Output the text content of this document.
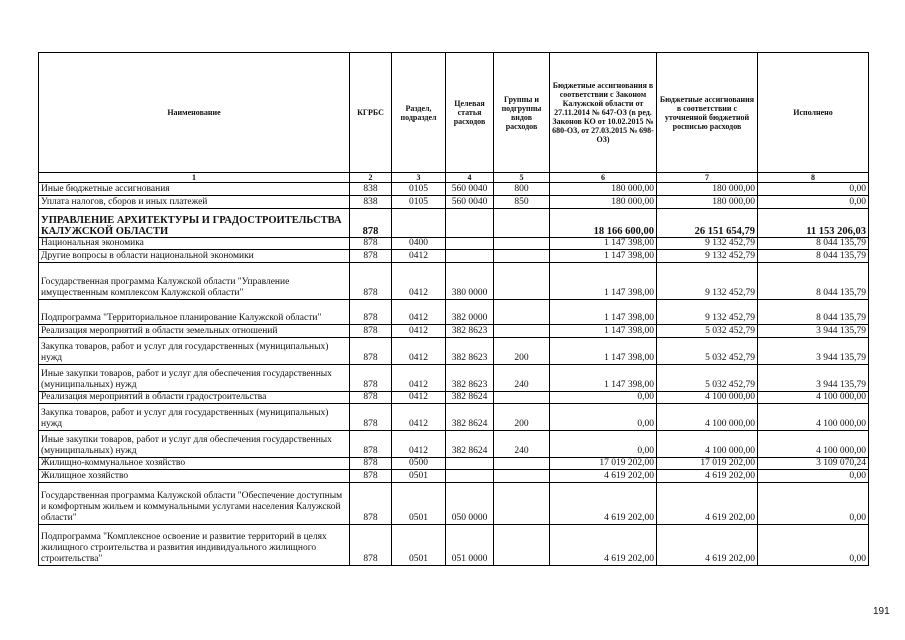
Наименование	КГРБС	Раздел, подраздел	Целевая статья расходов	Группы и подгруппы видов расходов	Бюджетные ассигнования в соответствии с Законом Калужской области от 27.11.2014 № 647-ОЗ (в ред. Законов КО от 10.02.2015 № 680-ОЗ, от 27.03.2015 № 698-ОЗ)	Бюджетные ассигнования в соответствии с уточненной бюджетной росписью расходов	Исполнено
1	2	3	4	5	6	7	8
Иные бюджетные ассигнования	838	0105	560 0040	800	180 000,00	180 000,00	0,00
Уплата налогов, сборов и иных платежей	838	0105	560 0040	850	180 000,00	180 000,00	0,00
УПРАВЛЕНИЕ АРХИТЕКТУРЫ И ГРАДОСТРОИТЕЛЬСТВА КАЛУЖСКОЙ ОБЛАСТИ	878				18 166 600,00	26 151 654,79	11 153 206,03
Национальная экономика	878	0400			1 147 398,00	9 132 452,79	8 044 135,79
Другие вопросы в области национальной экономики	878	0412			1 147 398,00	9 132 452,79	8 044 135,79
Государственная программа Калужской области "Управление имущественным комплексом Калужской области"	878	0412	380 0000		1 147 398,00	9 132 452,79	8 044 135,79
Подпрограмма "Территориальное планирование Калужской области"	878	0412	382 0000		1 147 398,00	9 132 452,79	8 044 135,79
Реализация мероприятий в области земельных отношений	878	0412	382 8623		1 147 398,00	5 032 452,79	3 944 135,79
Закупка товаров, работ и услуг для государственных (муниципальных) нужд	878	0412	382 8623	200	1 147 398,00	5 032 452,79	3 944 135,79
Иные закупки товаров, работ и услуг для обеспечения государственных (муниципальных) нужд	878	0412	382 8623	240	1 147 398,00	5 032 452,79	3 944 135,79
Реализация мероприятий в области градостроительства	878	0412	382 8624		0,00	4 100 000,00	4 100 000,00
Закупка товаров, работ и услуг для государственных (муниципальных) нужд	878	0412	382 8624	200	0,00	4 100 000,00	4 100 000,00
Иные закупки товаров, работ и услуг для обеспечения государственных (муниципальных) нужд	878	0412	382 8624	240	0,00	4 100 000,00	4 100 000,00
Жилищно-коммунальное хозяйство	878	0500			17 019 202,00	17 019 202,00	3 109 070,24
Жилищное хозяйство	878	0501			4 619 202,00	4 619 202,00	0,00
Государственная программа Калужской области "Обеспечение доступным и комфортным жильем и коммунальными услугами населения Калужской области"	878	0501	050 0000		4 619 202,00	4 619 202,00	0,00
Подпрограмма "Комплексное освоение и развитие территорий в целях жилищного строительства и развития индивидуального жилищного строительства"	878	0501	051 0000		4 619 202,00	4 619 202,00	0,00
191
